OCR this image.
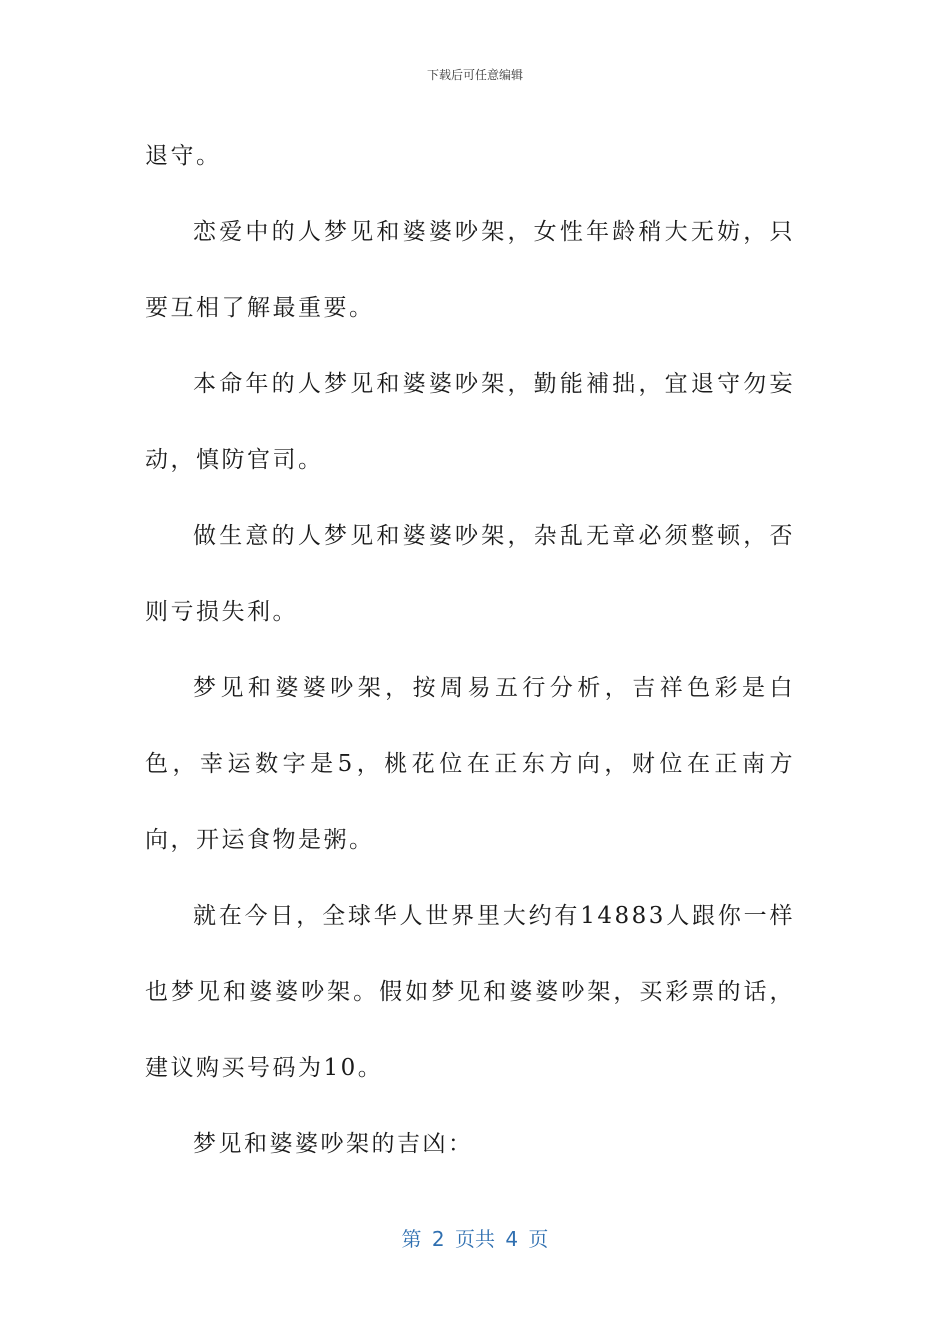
下载后可任意编辑

退守。

恋爱中的人梦见和婆婆吵架，女性年龄稍大无妨，只要互相了解最重要。

本命年的人梦见和婆婆吵架，勤能補拙，宜退守勿妄动，慎防官司。

做生意的人梦见和婆婆吵架，杂乱无章必须整顿，否则亏损失利。

梦见和婆婆吵架，按周易五行分析，吉祥色彩是白色，幸运数字是5，桃花位在正东方向，财位在正南方向，开运食物是粥。

就在今日，全球华人世界里大约有14883人跟你一样也梦见和婆婆吵架。假如梦见和婆婆吵架，买彩票的话，建议购买号码为10。

梦见和婆婆吵架的吉凶：

第 2 页共 4 页
